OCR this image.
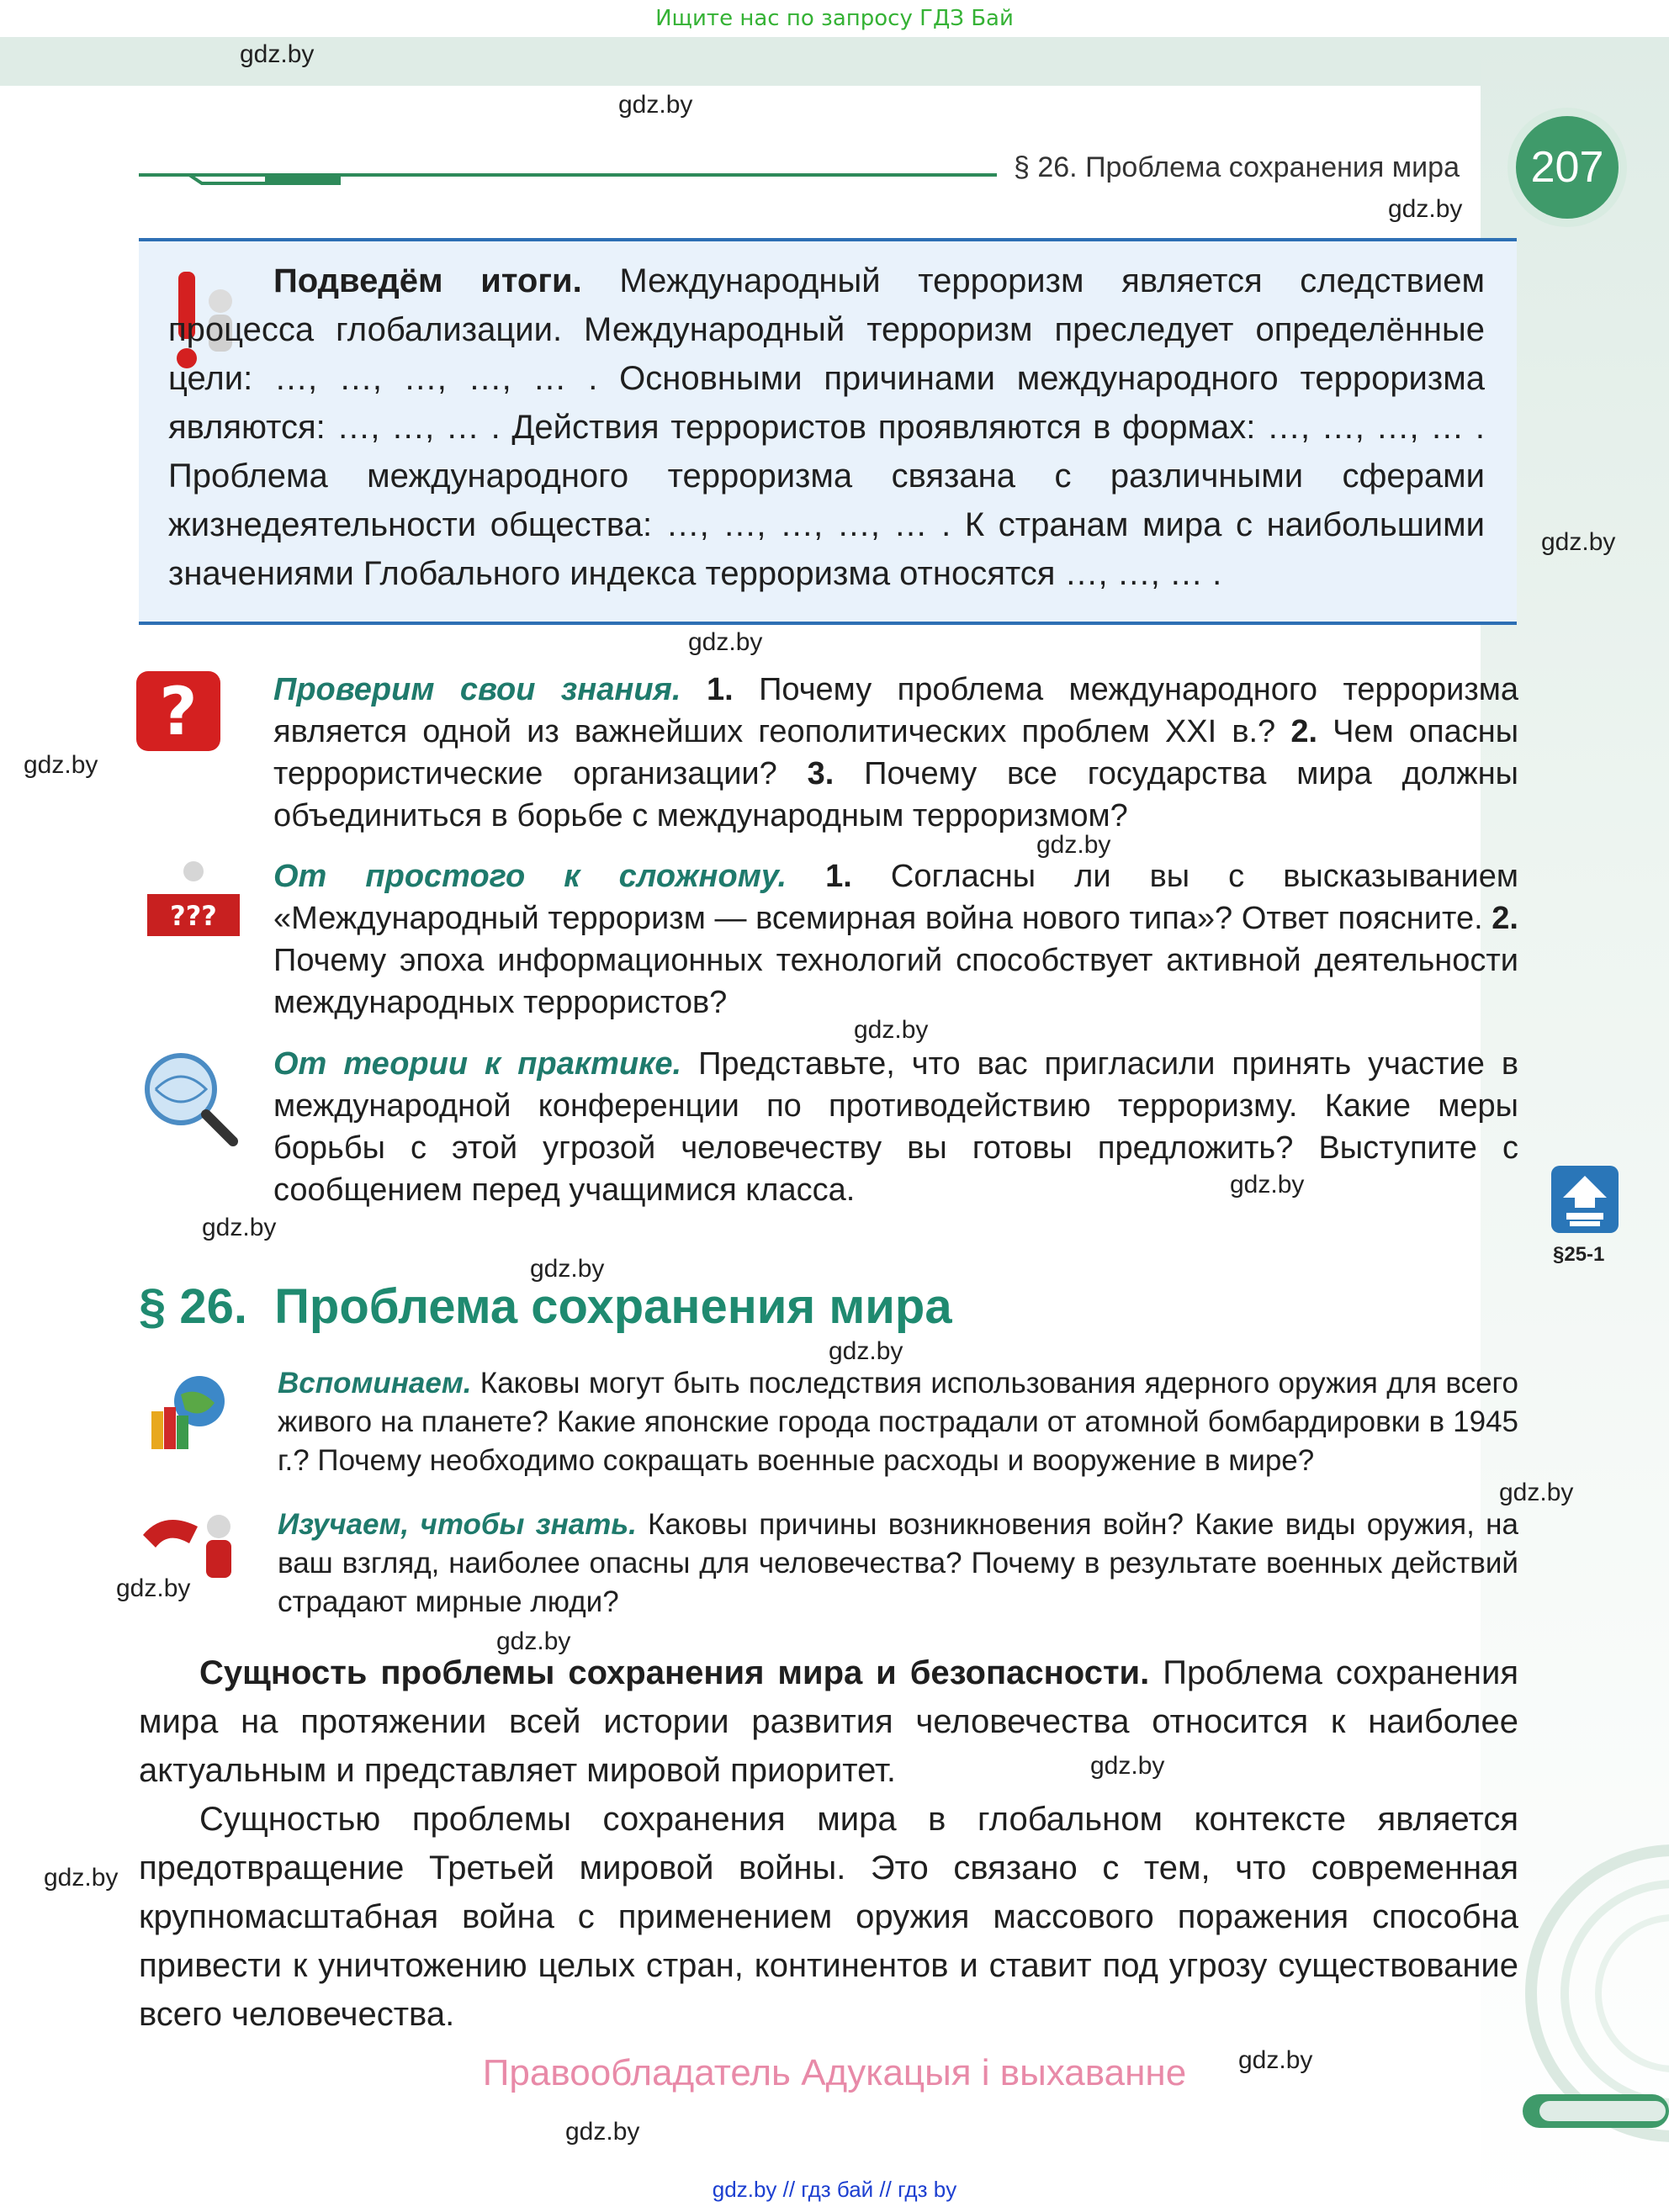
Ищите нас по запросу ГДЗ Бай
gdz.by
gdz.by
gdz.by
gdz.by
gdz.by
gdz.by
gdz.by
gdz.by
gdz.by
gdz.by
gdz.by
gdz.by
gdz.by
gdz.by
gdz.by
gdz.by
gdz.by
gdz.by
gdz.by
§ 26. Проблема сохранения мира	207
Подведём итоги. Международный терроризм является следствием процесса глобализации. Международный терроризм преследует определённые цели: …, …, …, …, … . Основными причинами международного терроризма являются: …, …, … . Действия террористов проявляются в формах: …, …, …, … . Проблема международного терроризма связана с различными сферами жизнедеятельности общества: …, …, …, …, … . К странам мира с наибольшими значениями Глобального индекса терроризма относятся …, …, … .
? Проверим свои знания. 1. Почему проблема международного терроризма является одной из важнейших геополитических проблем XXI в.? 2. Чем опасны террористические организации? 3. Почему все государства мира должны объединиться в борьбе с международным терроризмом?
???
От простого к сложному. 1. Согласны ли вы с высказыванием «Международный терроризм — всемирная война нового типа»? Ответ поясните. 2. Почему эпоха информационных технологий способствует активной деятельности международных террористов?
От теории к практике. Представьте, что вас пригласили принять участие в международной конференции по противодействию терроризму. Какие меры борьбы с этой угрозой человечеству вы готовы предложить? Выступите с сообщением перед учащимися класса.
§25-1
§ 26.  Проблема сохранения мира
Вспоминаем. Каковы могут быть последствия использования ядерного оружия для всего живого на планете? Какие японские города пострадали от атомной бомбардировки в 1945 г.? Почему необходимо сокращать военные расходы и вооружение в мире?
Изучаем, чтобы знать. Каковы причины возникновения войн? Какие виды оружия, на ваш взгляд, наиболее опасны для человечества? Почему в результате военных действий страдают мирные люди?
Сущность проблемы сохранения мира и безопасности. Проблема сохранения мира на протяжении всей истории развития человечества относится к наиболее актуальным и представляет мировой приоритет.
Сущностью проблемы сохранения мира в глобальном контексте является предотвращение Третьей мировой войны. Это связано с тем, что современная крупномасштабная война с применением оружия массового поражения способна привести к уничтожению целых стран, континентов и ставит под угрозу существование всего человечества.
Правообладатель Адукацыя і выхаванне
gdz.by // гдз бай // гдз by
